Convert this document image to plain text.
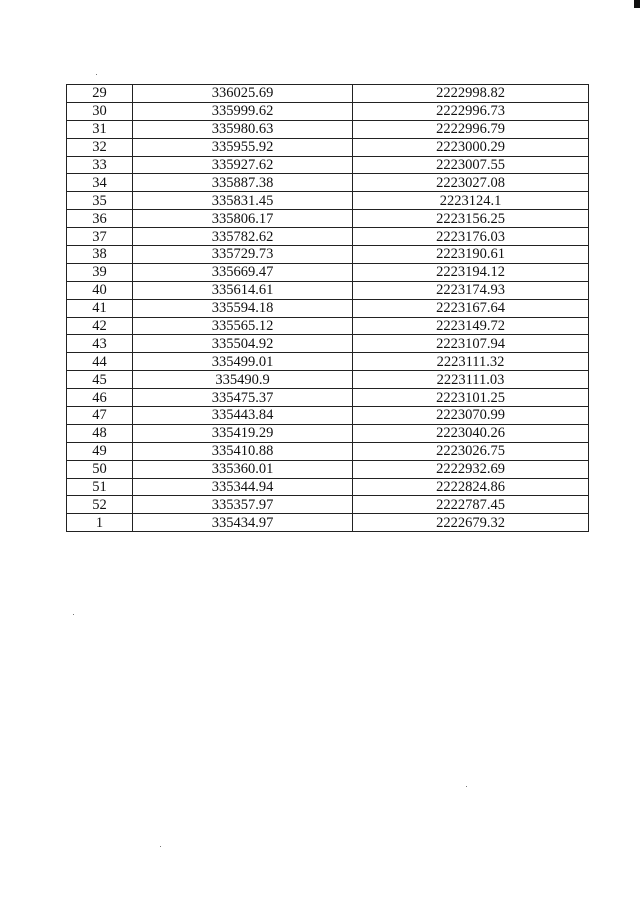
29	336025.69	2222998.82
30	335999.62	2222996.73
31	335980.63	2222996.79
32	335955.92	2223000.29
33	335927.62	2223007.55
34	335887.38	2223027.08
35	335831.45	2223124.1
36	335806.17	2223156.25
37	335782.62	2223176.03
38	335729.73	2223190.61
39	335669.47	2223194.12
40	335614.61	2223174.93
41	335594.18	2223167.64
42	335565.12	2223149.72
43	335504.92	2223107.94
44	335499.01	2223111.32
45	335490.9	2223111.03
46	335475.37	2223101.25
47	335443.84	2223070.99
48	335419.29	2223040.26
49	335410.88	2223026.75
50	335360.01	2222932.69
51	335344.94	2222824.86
52	335357.97	2222787.45
1	335434.97	2222679.32
